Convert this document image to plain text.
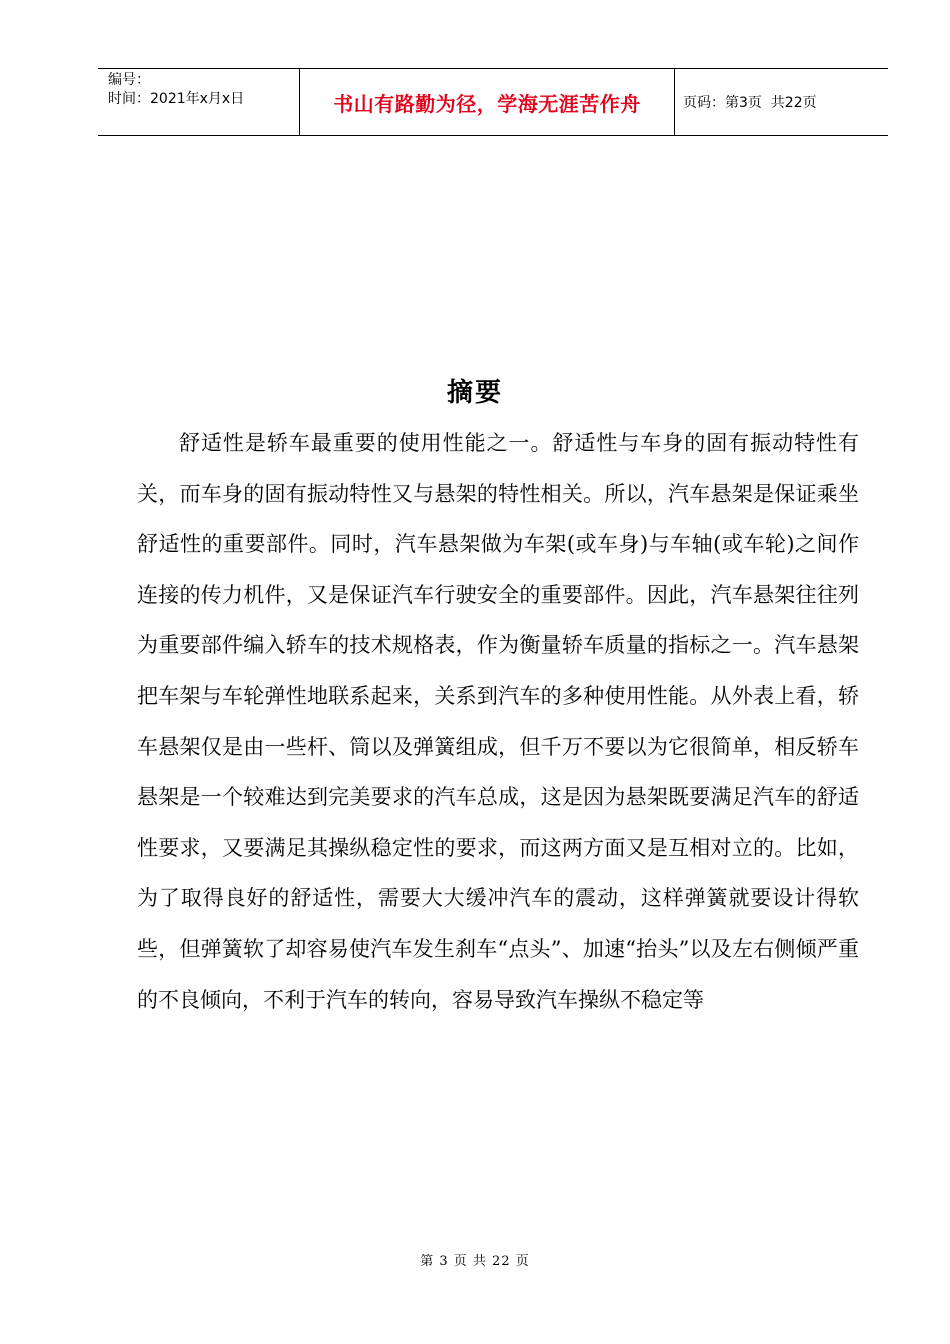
编号：
时间：2021年x月x日	书山有路勤为径，学海无涯苦作舟	页码：第3页  共22页
摘要

舒适性是轿车最重要的使用性能之一。舒适性与车身的固有振动特性有关，而车身的固有振动特性又与悬架的特性相关。所以，汽车悬架是保证乘坐舒适性的重要部件。同时，汽车悬架做为车架(或车身)与车轴(或车轮)之间作连接的传力机件，又是保证汽车行驶安全的重要部件。因此，汽车悬架往往列为重要部件编入轿车的技术规格表，作为衡量轿车质量的指标之一。汽车悬架把车架与车轮弹性地联系起来，关系到汽车的多种使用性能。从外表上看，轿车悬架仅是由一些杆、筒以及弹簧组成，但千万不要以为它很简单，相反轿车悬架是一个较难达到完美要求的汽车总成，这是因为悬架既要满足汽车的舒适性要求，又要满足其操纵稳定性的要求，而这两方面又是互相对立的。比如，为了取得良好的舒适性，需要大大缓冲汽车的震动，这样弹簧就要设计得软些，但弹簧软了却容易使汽车发生刹车“点头”、加速“抬头”以及左右侧倾严重的不良倾向，不利于汽车的转向，容易导致汽车操纵不稳定等

第 3 页 共 22 页
